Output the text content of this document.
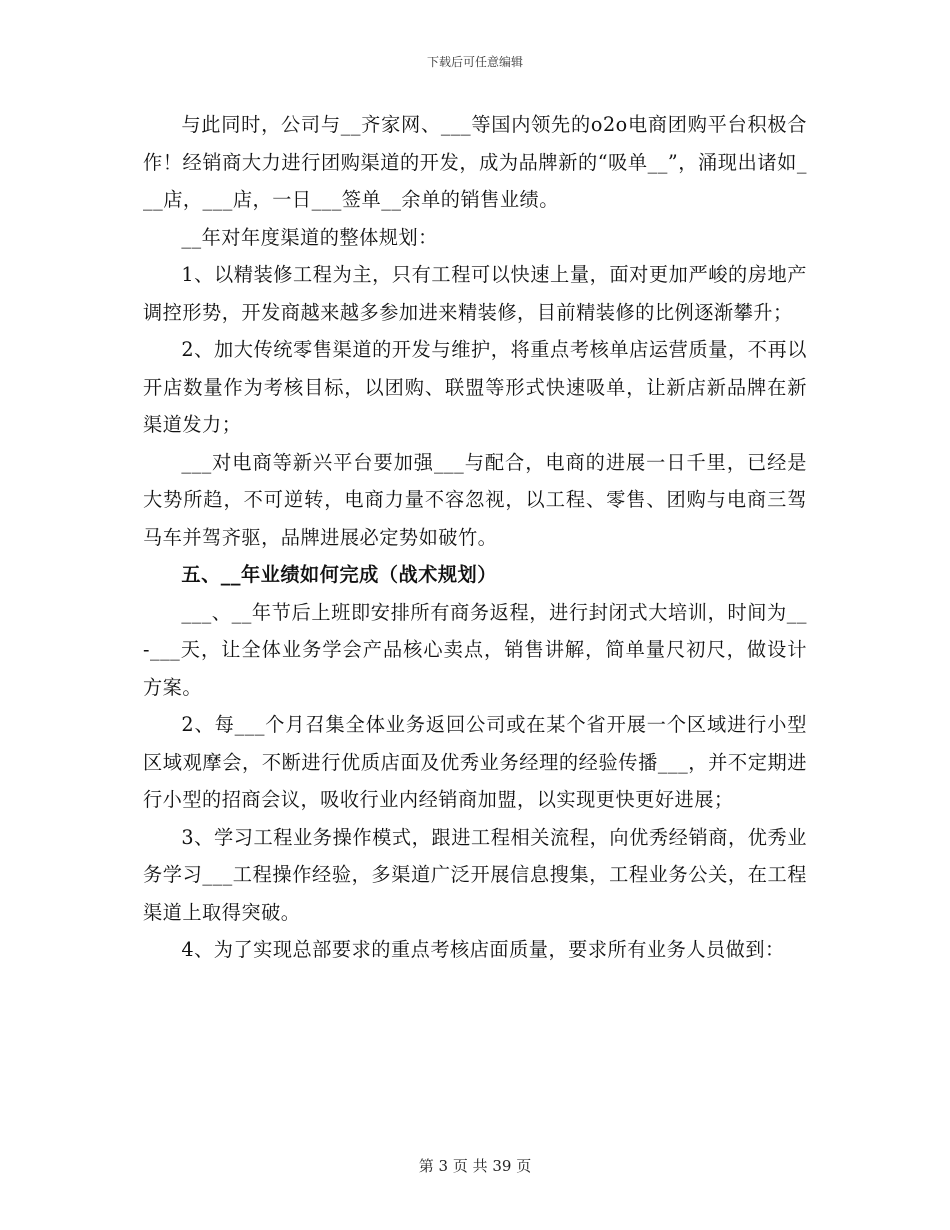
下载后可任意编辑

与此同时，公司与__齐家网、___等国内领先的o2o电商团购平台积极合作！经销商大力进行团购渠道的开发，成为品牌新的“吸单__”，涌现出诸如___店，___店，一日___签单__余单的销售业绩。

__年对年度渠道的整体规划：

1、以精装修工程为主，只有工程可以快速上量，面对更加严峻的房地产调控形势，开发商越来越多参加进来精装修，目前精装修的比例逐渐攀升；

2、加大传统零售渠道的开发与维护，将重点考核单店运营质量，不再以开店数量作为考核目标，以团购、联盟等形式快速吸单，让新店新品牌在新渠道发力；

___对电商等新兴平台要加强___与配合，电商的进展一日千里，已经是大势所趋，不可逆转，电商力量不容忽视，以工程、零售、团购与电商三驾马车并驾齐驱，品牌进展必定势如破竹。

五、__年业绩如何完成（战术规划）

___、__年节后上班即安排所有商务返程，进行封闭式大培训，时间为__-___天，让全体业务学会产品核心卖点，销售讲解，简单量尺初尺，做设计方案。

2、每___个月召集全体业务返回公司或在某个省开展一个区域进行小型区域观摩会，不断进行优质店面及优秀业务经理的经验传播___，并不定期进行小型的招商会议，吸收行业内经销商加盟，以实现更快更好进展；

3、学习工程业务操作模式，跟进工程相关流程，向优秀经销商，优秀业务学习___工程操作经验，多渠道广泛开展信息搜集，工程业务公关，在工程渠道上取得突破。

4、为了实现总部要求的重点考核店面质量，要求所有业务人员做到：

第 3 页 共 39 页
